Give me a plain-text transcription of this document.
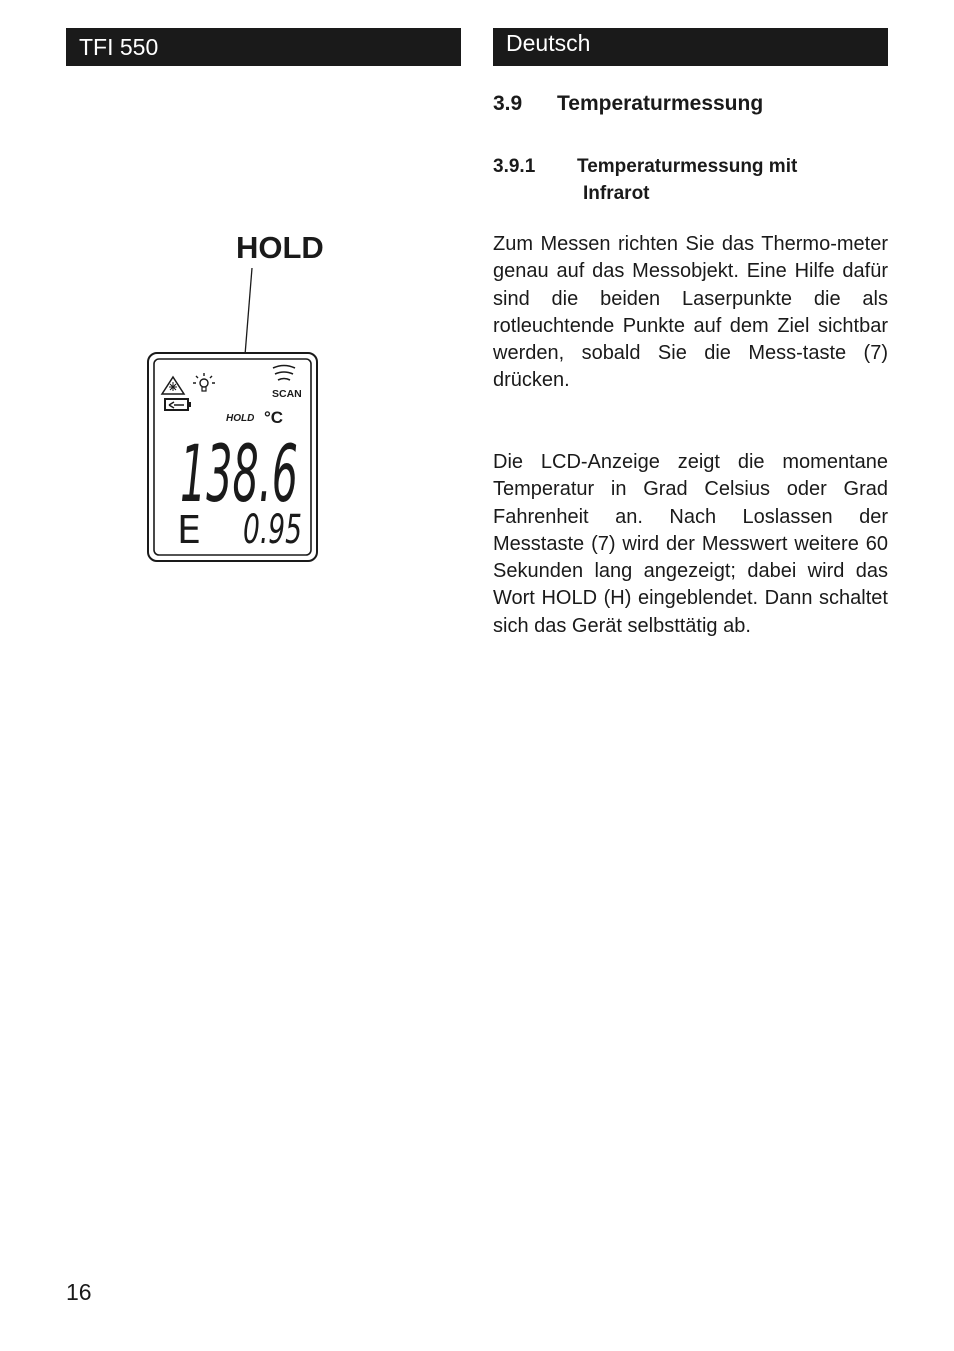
TFI 550	Deutsch
3.9 Temperaturmessung
3.9.1 Temperaturmessung mit
Infrarot

Zum Messen richten Sie das Thermo-meter genau auf das Messobjekt. Eine Hilfe dafür sind die beiden Laserpunkte die als rotleuchtende Punkte auf dem Ziel sichtbar werden, sobald Sie die Mess-taste (7) drücken.

Die LCD-Anzeige zeigt die momentane Temperatur in Grad Celsius oder Grad Fahrenheit an. Nach Loslassen der Messtaste (7) wird der Messwert weitere 60 Sekunden lang angezeigt; dabei wird das Wort HOLD (H) eingeblendet. Dann schaltet sich das Gerät selbsttätig ab.

HOLD
SCAN
HOLD °C
138.6
E 0.95
16
